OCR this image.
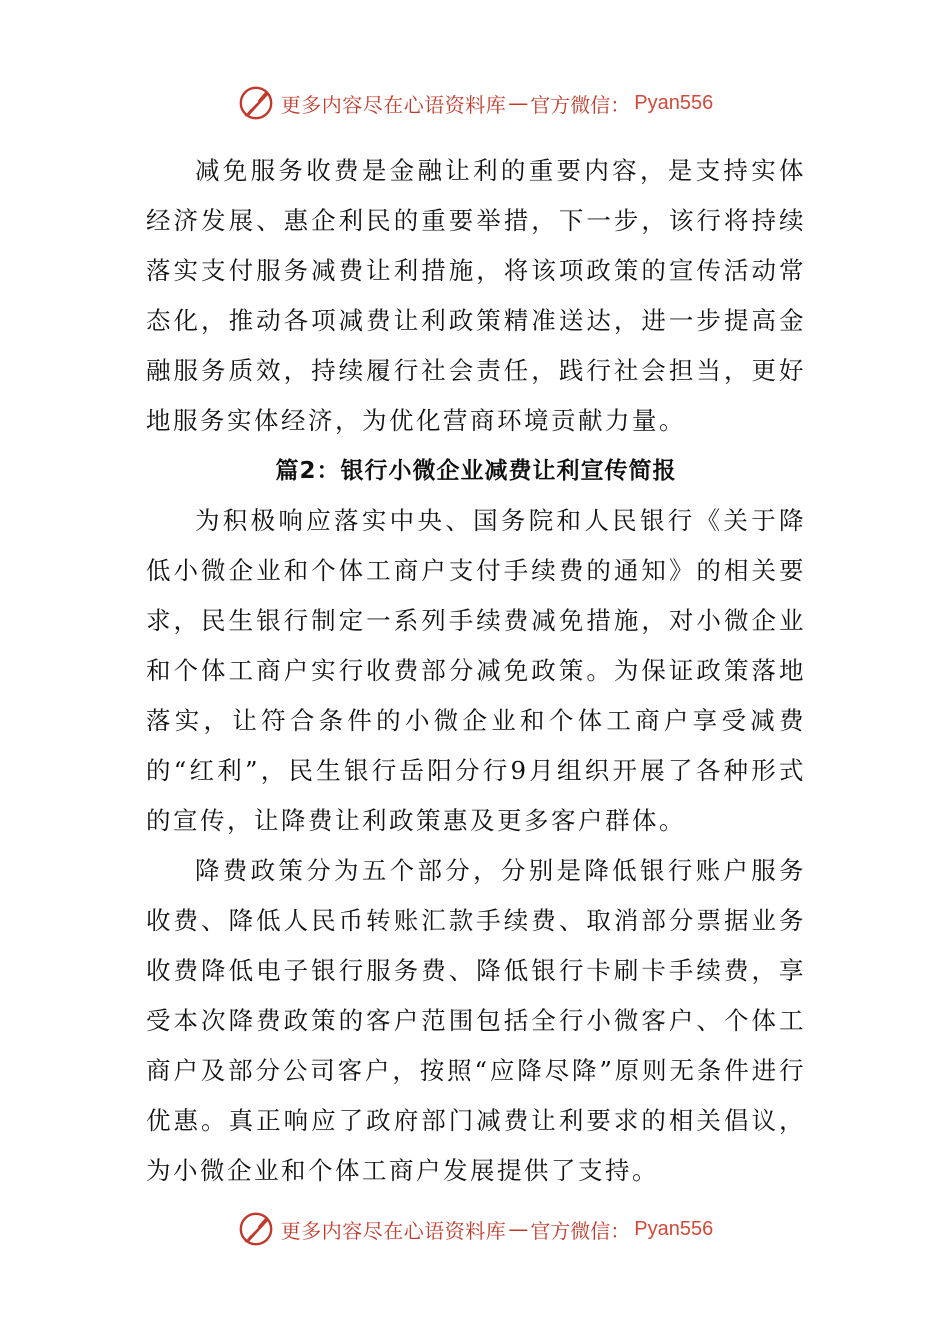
更多内容尽在心语资料库 — 官方微信： Pyan556

减免服务收费是金融让利的重要内容，是支持实体经济发展、惠企利民的重要举措，下一步，该行将持续落实支付服务减费让利措施，将该项政策的宣传活动常态化，推动各项减费让利政策精准送达，进一步提高金融服务质效，持续履行社会责任，践行社会担当，更好地服务实体经济，为优化营商环境贡献力量。

篇2：银行小微企业减费让利宣传简报

为积极响应落实中央、国务院和人民银行《关于降低小微企业和个体工商户支付手续费的通知》的相关要求，民生银行制定一系列手续费减免措施，对小微企业和个体工商户实行收费部分减免政策。为保证政策落地落实，让符合条件的小微企业和个体工商户享受减费的“红利”，民生银行岳阳分行9月组织开展了各种形式的宣传，让降费让利政策惠及更多客户群体。

降费政策分为五个部分，分别是降低银行账户服务收费、降低人民币转账汇款手续费、取消部分票据业务收费降低电子银行服务费、降低银行卡刷卡手续费，享受本次降费政策的客户范围包括全行小微客户、个体工商户及部分公司客户，按照“应降尽降”原则无条件进行优惠。真正响应了政府部门减费让利要求的相关倡议，为小微企业和个体工商户发展提供了支持。

更多内容尽在心语资料库 — 官方微信： Pyan556
